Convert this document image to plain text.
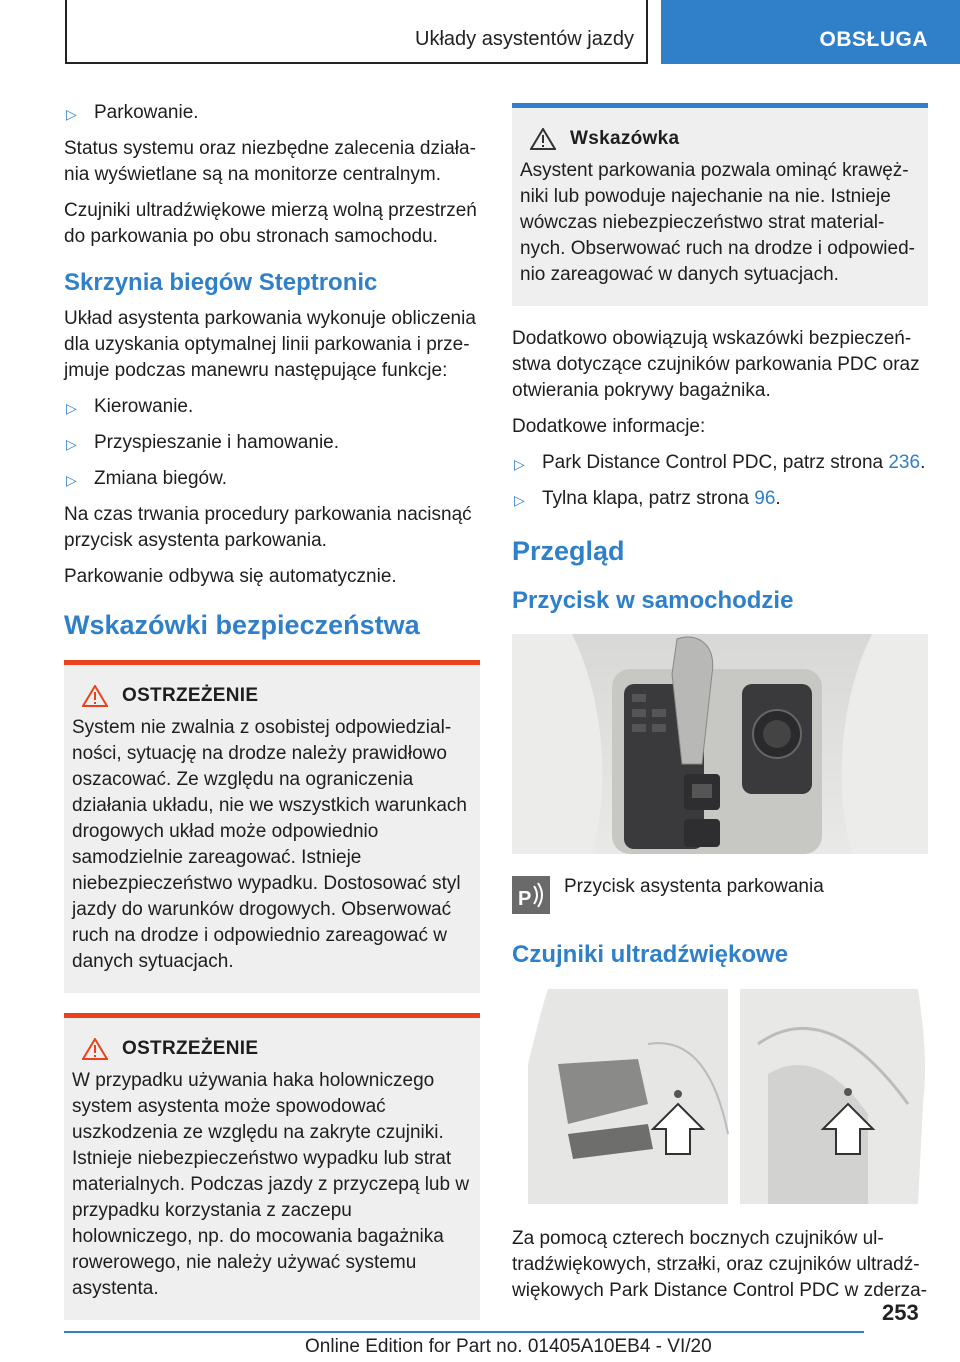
Układy asystentów jazdy	OBSŁUGA
▷ Parkowanie.

Status systemu oraz niezbędne zalecenia działania wyświetlane są na monitorze centralnym.

Czujniki ultradźwiękowe mierzą wolną przestrzeń do parkowania po obu stronach samochodu.

Skrzynia biegów Steptronic

Układ asystenta parkowania wykonuje obliczenia dla uzyskania optymalnej linii parkowania i przejmuje podczas manewru następujące funkcje:

▷ Kierowanie.
▷ Przyspieszanie i hamowanie.
▷ Zmiana biegów.

Na czas trwania procedury parkowania nacisnąć przycisk asystenta parkowania.

Parkowanie odbywa się automatycznie.

Wskazówki bezpieczeństwa
OSTRZEŻENIE

System nie zwalnia z osobistej odpowiedzialności, sytuację na drodze należy prawidłowo oszacować. Ze względu na ograniczenia działania układu, nie we wszystkich warunkach drogowych układ może odpowiednio samodzielnie zareagować. Istnieje niebezpieczeństwo wypadku. Dostosować styl jazdy do warunków drogowych. Obserwować ruch na drodze i odpowiednio zareagować w danych sytuacjach.

OSTRZEŻENIE

W przypadku używania haka holowniczego system asystenta może spowodować uszkodzenia ze względu na zakryte czujniki. Istnieje niebezpieczeństwo wypadku lub strat materialnych. Podczas jazdy z przyczepą lub w przypadku korzystania z zaczepu holowniczego, np. do mocowania bagażnika rowerowego, nie należy używać systemu asystenta.

Wskazówka

Asystent parkowania pozwala ominąć krawężniki lub powoduje najechanie na nie. Istnieje wówczas niebezpieczeństwo strat materialnych. Obserwować ruch na drodze i odpowiednio zareagować w danych sytuacjach.

Dodatkowo obowiązują wskazówki bezpieczeństwa dotyczące czujników parkowania PDC oraz otwierania pokrywy bagażnika.

Dodatkowe informacje:

▷ Park Distance Control PDC, patrz strona 236.
▷ Tylna klapa, patrz strona 96.
Przegląd
Przycisk w samochodzie
P
Przycisk asystenta parkowania
Czujniki ultradźwiękowe

Za pomocą czterech bocznych czujników ultradźwiękowych, strzałki, oraz czujników ultradźwiękowych Park Distance Control PDC w zderza-

253
Online Edition for Part no. 01405A10EB4 - VI/20
